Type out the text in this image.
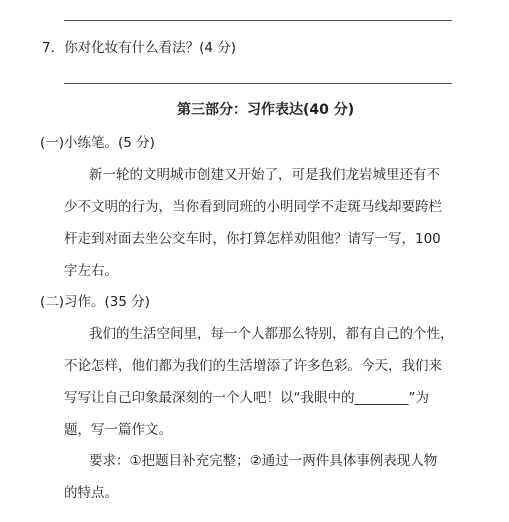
7．你对化妆有什么看法？(4 分)
第三部分：习作表达(40 分)
(一)小练笔。(5 分)
新一轮的文明城市创建又开始了，可是我们龙岩城里还有不
少不文明的行为，当你看到同班的小明同学不走斑马线却要跨栏
杆走到对面去坐公交车时，你打算怎样劝阻他？请写一写，100
字左右。
(二)习作。(35 分)
我们的生活空间里，每一个人都那么特别，都有自己的个性，
不论怎样，他们都为我们的生活增添了许多色彩。今天，我们来
写写让自己印象最深刻的一个人吧！以“我眼中的________”为
题，写一篇作文。
要求：①把题目补充完整；②通过一两件具体事例表现人物
的特点。
